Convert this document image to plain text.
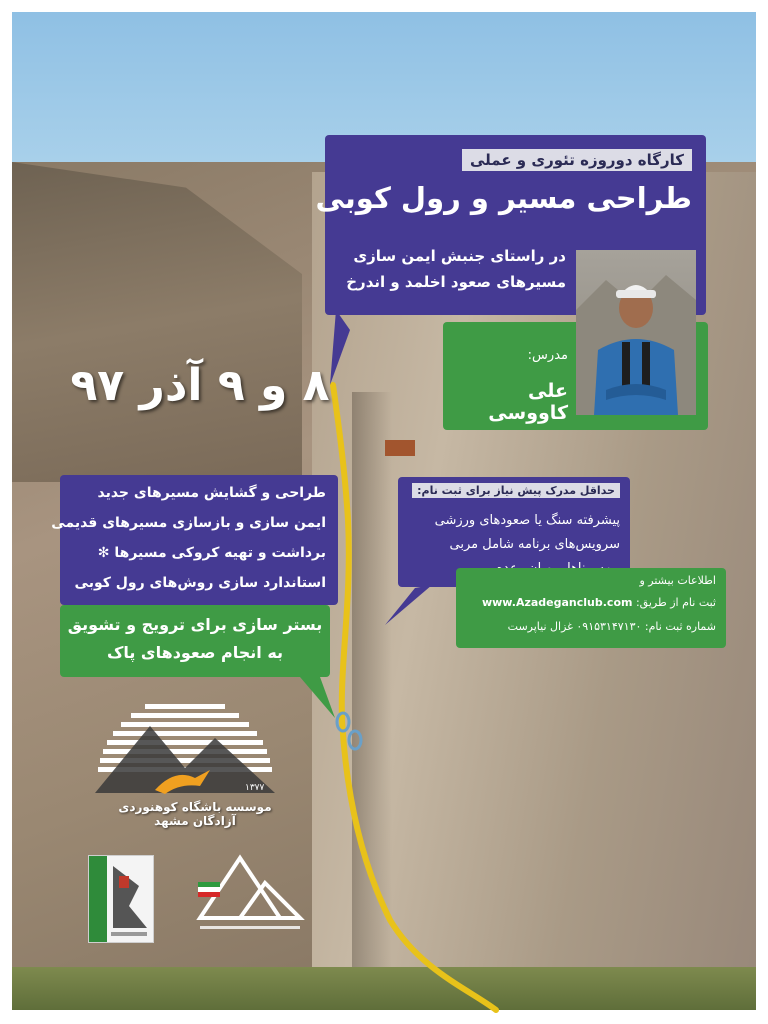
کارگاه دوروزه تئوری و عملی
طراحی مسیر و رول کوبی
در راستای جنبش ایمن سازی
مسیرهای صعود اخلمد و اندرخ
مدرس:
علی کاووسی
۸ و ۹ آذر ۹۷
حداقل مدرک پیش نیاز برای ثبت نام:
پیشرفته سنگ یا صعودهای ورزشی
سرویس‌های برنامه شامل مربی
اطلاعات بیشتر و
ثبت نام از طریق: www.Azadeganclub.com
شماره ثبت نام: ۰۹۱۵۳۱۴۷۱۳۰ غزال نیاپرست
طراحی و گشایش مسیرهای جدید
ایمن سازی و بازسازی مسیرهای قدیمی
برداشت و تهیه کروکی مسیرها ✻
استاندارد سازی روش‌های رول کوبی
بستر سازی برای ترویج و تشویق
به انجام صعودهای پاک
۱۳۷۷
موسسه باشگاه کوهنوردی آزادگان مشهد
